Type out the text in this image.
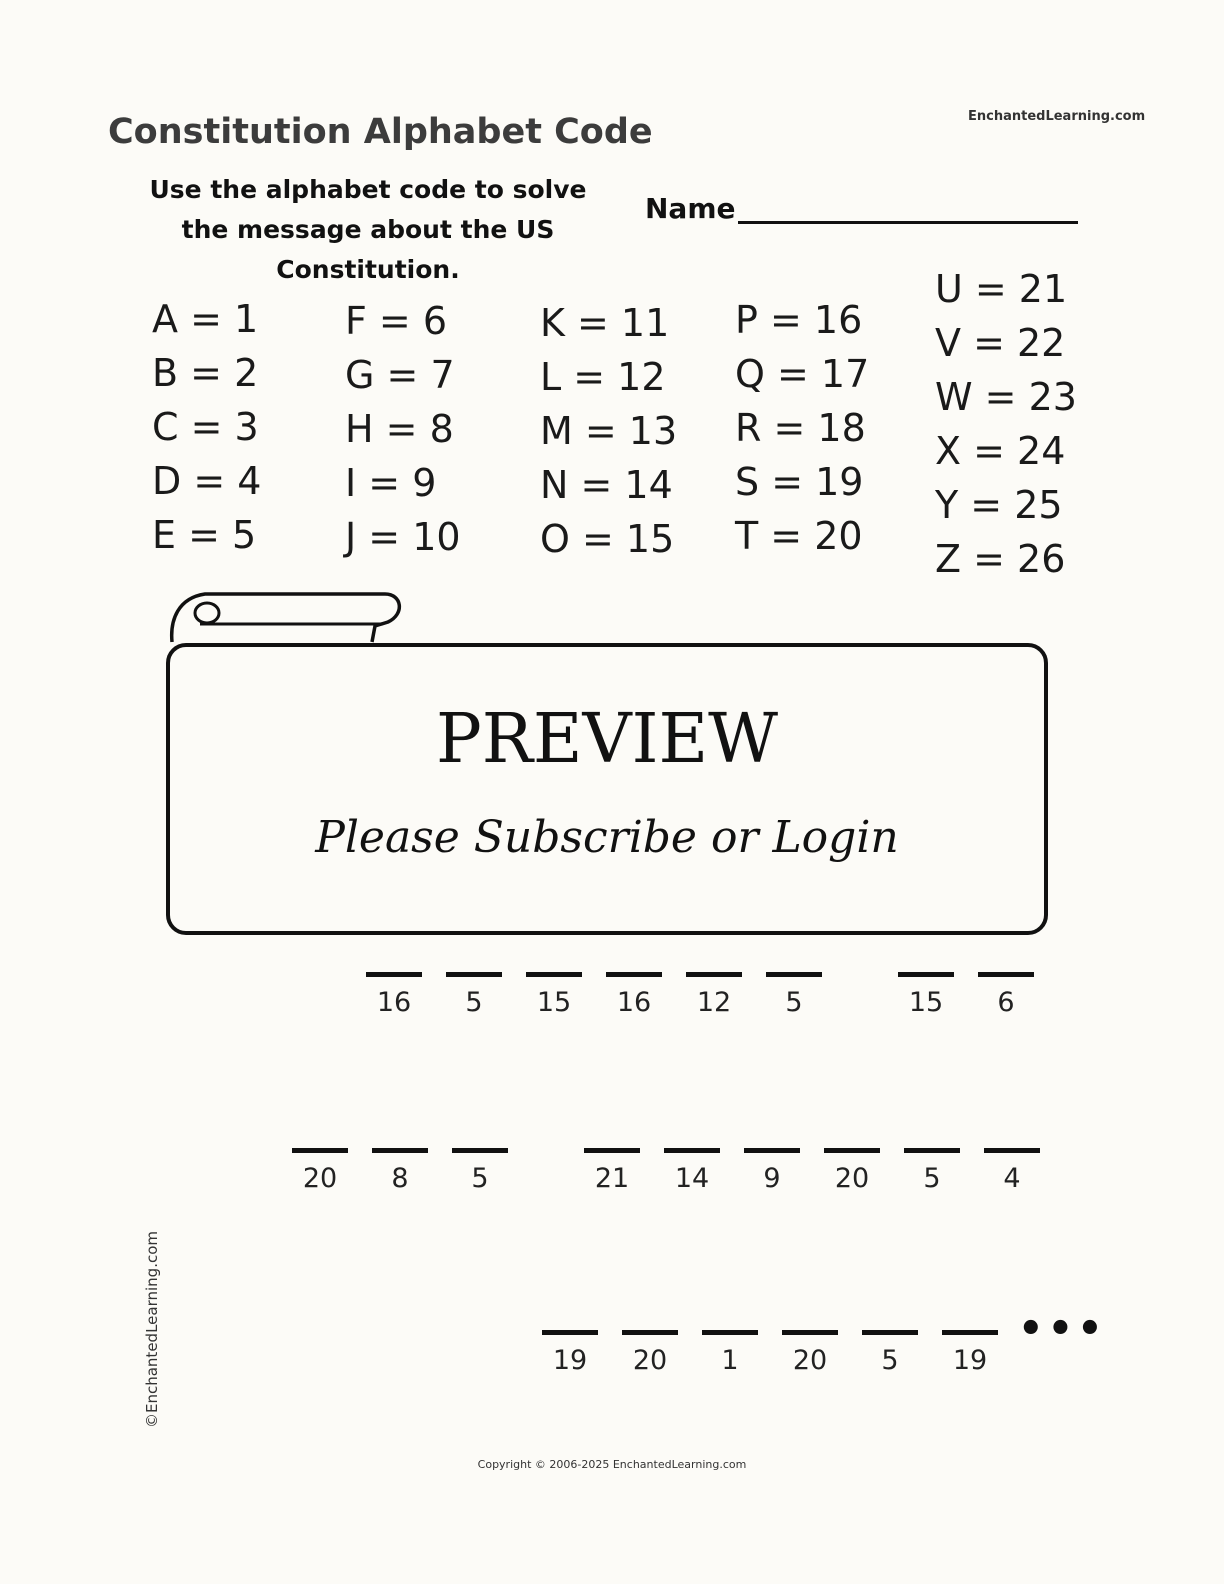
Constitution Alphabet Code	EnchantedLearning.com
Use the alphabet code to solve the message about the US Constitution.
Name
A = 1
B = 2
C = 3
D = 4
E = 5
F = 6
G = 7
H = 8
I = 9
J = 10
K = 11
L = 12
M = 13
N = 14
O = 15
P = 16
Q = 17
R = 18
S = 19
T = 20
U = 21
V = 22
W = 23
X = 24
Y = 25
Z = 26
PREVIEW
Please Subscribe or Login
16	5	15	16	12	5	15	6
20	8	5	21	14	9	20	5	4
19	20	1	20	5	19
•••
©EnchantedLearning.com
Copyright © 2006-2025 EnchantedLearning.com
